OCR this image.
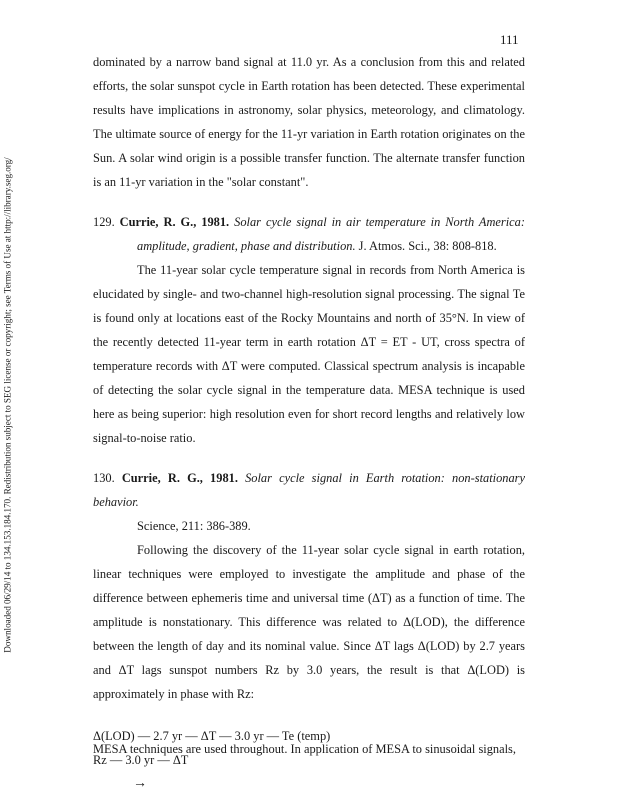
Downloaded 06/29/14 to 134.153.184.170. Redistribution subject to SEG license or copyright; see Terms of Use at http://library.seg.org/
111

dominated by a narrow band signal at 11.0 yr. As a conclusion from this and related efforts, the solar sunspot cycle in Earth rotation has been detected. These experimental results have implications in astronomy, solar physics, meteorology, and climatology. The ultimate source of energy for the 11-yr variation in Earth rotation originates on the Sun. A solar wind origin is a possible transfer function. The alternate transfer function is an 11-yr variation in the "solar constant".

129. Currie, R. G., 1981. Solar cycle signal in air temperature in North America: amplitude, gradient, phase and distribution. J. Atmos. Sci., 38: 808-818.

The 11-year solar cycle temperature signal in records from North America is elucidated by single- and two-channel high-resolution signal processing. The signal Te is found only at locations east of the Rocky Mountains and north of 35°N. In view of the recently detected 11-year term in earth rotation ΔT = ET - UT, cross spectra of temperature records with ΔT were computed. Classical spectrum analysis is incapable of detecting the solar cycle signal in the temperature data. MESA technique is used here as being superior: high resolution even for short record lengths and relatively low signal-to-noise ratio.

130. Currie, R. G., 1981. Solar cycle signal in Earth rotation: non-stationary behavior.

Science, 211: 386-389.

Following the discovery of the 11-year solar cycle signal in earth rotation, linear techniques were employed to investigate the amplitude and phase of the difference between ephemeris time and universal time (ΔT) as a function of time. The amplitude is nonstationary. This difference was related to Δ(LOD), the difference between the length of day and its nominal value. Since ΔT lags Δ(LOD) by 2.7 years and ΔT lags sunspot numbers Rz by 3.0 years, the result is that Δ(LOD) is approximately in phase with Rz:

Δ(LOD) — 2.7 yr — ΔT — 3.0 yr — Te (temp)
Rz — 3.0 yr — ΔT
→
MESA techniques are used throughout. In application of MESA to sinusoidal signals,
